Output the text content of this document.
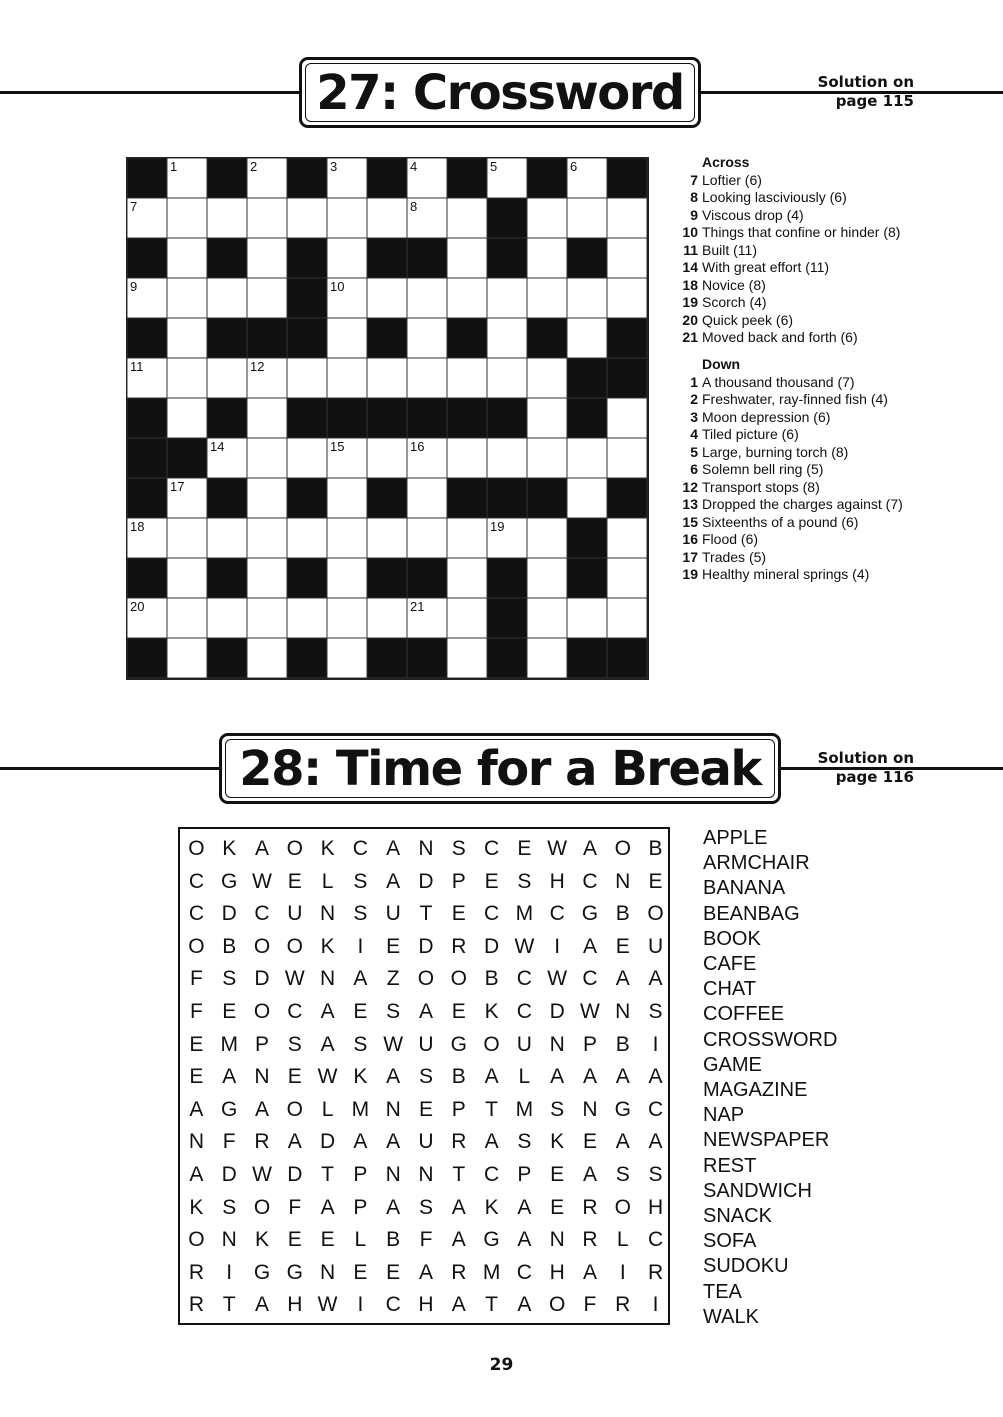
27: Crossword	Solution on
page 115
1	2	3	4	5	6
7	8
9	10
11	12
13
14	15	16
17
18	19
20	21
Across
7 Loftier (6)
8 Looking lasciviously (6)
9 Viscous drop (4)
10 Things that confine or hinder (8)
11 Built (11)
14 With great effort (11)
18 Novice (8)
19 Scorch (4)
20 Quick peek (6)
21 Moved back and forth (6)
Down
1 A thousand thousand (7)
2 Freshwater, ray-finned fish (4)
3 Moon depression (6)
4 Tiled picture (6)
5 Large, burning torch (8)
6 Solemn bell ring (5)
12 Transport stops (8)
13 Dropped the charges against (7)
15 Sixteenths of a pound (6)
16 Flood (6)
17 Trades (5)
19 Healthy mineral springs (4)
28: Time for a Break	Solution on
page 116
O K A O K C A N S C E W A O B
C G W E L S A D P E S H C N E
C D C U N S U T E C M C G B O
O B O O K	I	E D R D W I	A E U
F S D W N A Z O O B C W C A A
F E O C A E S A E K C D W N S
E M P S A S W U G O U N P B	I
E A N E W K A S B A L A A A A
A G A O L M N E P T M S N G C
N F R A D A A U R A S K E A A
A D W D T P N N T C P E A S S
K S O F A P A S A K A E R O H
O N K E E L B F A G A N R L C
R	I	G G N E E A R M C H A	I	R
R T A H W I	C H A T A O F R	I
APPLE
ARMCHAIR
BANANA
BEANBAG
BOOK
CAFE
CHAT
COFFEE
CROSSWORD
GAME
MAGAZINE
NAP
NEWSPAPER
REST
SANDWICH
SNACK
SOFA
SUDOKU
TEA
WALK
29
